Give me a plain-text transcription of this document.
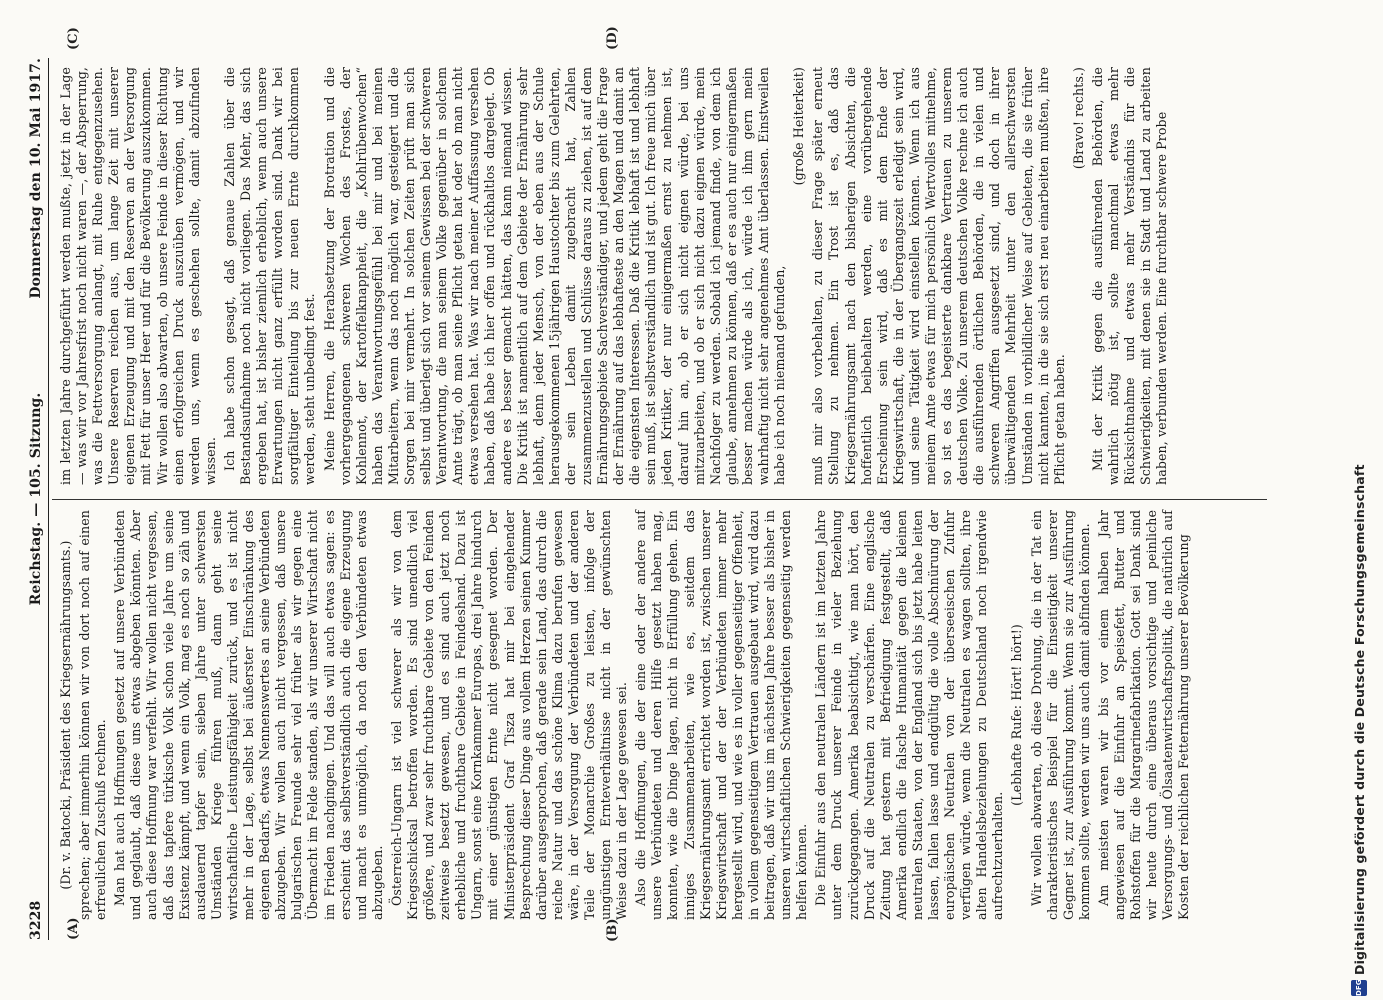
3228
Reichstag. — 105. Sitzung.
Donnerstag den 10. Mai 1917.
(A)	(B)
(C)	(D)

(Dr. v. Batocki, Präsident des Kriegsernährungsamts.) sprechen; aber immerhin können wir von dort noch auf einen erfreulichen Zuschuß rechnen. Man hat auch Hoffnungen gesetzt auf unsere Verbündeten und geglaubt, daß diese uns etwas abgeben könnten. Aber auch diese Hoffnung war verfehlt. Wir wollen nicht vergessen, daß das tapfere türkische Volk schon viele Jahre um seine Existenz kämpft, und wenn ein Volk, mag es noch so zäh und ausdauernd tapfer sein, sieben Jahre unter schwersten Umständen Kriege führen muß, dann geht seine wirtschaftliche Leistungsfähigkeit zurück, und es ist nicht mehr in der Lage, selbst bei äußerster Einschränkung des eigenen Bedarfs, etwas Nennenswertes an seine Verbündeten abzugeben. Wir wollen auch nicht vergessen, daß unsere bulgarischen Freunde sehr viel früher als wir gegen eine Übermacht im Felde standen, als wir unserer Wirtschaft nicht im Frieden nachgingen. Und das will auch etwas sagen: es erscheint das selbstverständlich auch die eigene Erzeugung und macht es unmöglich, da noch den Verbündeten etwas abzugeben. Österreich-Ungarn ist viel schwerer als wir von dem Kriegsschicksal betroffen worden. Es sind unendlich viel größere, und zwar sehr fruchtbare Gebiete von den Feinden zeitweise besetzt gewesen, und es sind auch jetzt noch erhebliche und fruchtbare Gebiete in Feindeshand. Dazu ist Ungarn, sonst eine Kornkammer Europas, drei Jahre hindurch mit einer günstigen Ernte nicht gesegnet worden. Der Ministerpräsident Graf Tisza hat mir bei eingehender Besprechung dieser Dinge aus vollem Herzen seinen Kummer darüber ausgesprochen, daß gerade sein Land, das durch die reiche Natur und das schöne Klima dazu berufen gewesen wäre, in der Versorgung der Verbündeten und der anderen Teile der Monarchie Großes zu leisten, infolge der ungünstigen Ernteverhältnisse nicht in der gewünschten Weise dazu in der Lage gewesen sei. Also die Hoffnungen, die der eine oder der andere auf unsere Verbündeten und deren Hilfe gesetzt haben mag, konnten, wie die Dinge lagen, nicht in Erfüllung gehen. Ein inniges Zusammenarbeiten, wie es, seitdem das Kriegsernährungsamt errichtet worden ist, zwischen unserer Kriegswirtschaft und der der Verbündeten immer mehr hergestellt wird, und wie es in voller gegenseitiger Offenheit, in vollem gegenseitigem Vertrauen ausgebaut wird, wird dazu beitragen, daß wir uns im nächsten Jahre besser als bisher in unseren wirtschaftlichen Schwierigkeiten gegenseitig werden helfen können. Die Einfuhr aus den neutralen Ländern ist im letzten Jahre unter dem Druck unserer Feinde in vieler Beziehung zurückgegangen. Amerika beabsichtigt, wie man hört, den Druck auf die Neutralen zu verschärfen. Eine englische Zeitung hat gestern mit Befriedigung festgestellt, daß Amerika endlich die falsche Humanität gegen die kleinen neutralen Staaten, von der England sich bis jetzt habe leiten lassen, fallen lasse und endgültig die volle Abschnürung der europäischen Neutralen von der überseeischen Zufuhr verfügen würde, wenn die Neutralen es wagen sollten, ihre alten Handelsbeziehungen zu Deutschland noch irgendwie aufrechtzuerhalten.

(Lebhafte Rufe: Hört! hört!) Wir wollen abwarten, ob diese Drohung, die in der Tat ein charakteristisches Beispiel für die Einseitigkeit unserer Gegner ist, zur Ausführung kommt. Wenn sie zur Ausführung kommen sollte, werden wir uns auch damit abfinden können. Am meisten waren wir bis vor einem halben Jahr angewiesen auf die Einfuhr an Speisefett, Butter und Rohstoffen für die Margarinefabrikation. Gott sei Dank sind wir heute durch eine überaus vorsichtige und peinliche Versorgungs- und Ölsaatenwirtschaftspolitik, die natürlich auf Kosten der reichlichen Fetternährung unserer Bevölkerung

im letzten Jahre durchgeführt werden mußte, jetzt in der Lage — was wir vor Jahresfrist noch nicht waren —, der Absperrung, was die Fettversorgung anlangt, mit Ruhe entgegenzusehen. Unsere Reserven reichen aus, um lange Zeit mit unserer eigenen Erzeugung und mit den Reserven an der Versorgung mit Fett für unser Heer und für die Bevölkerung auszukommen. Wir wollen also abwarten, ob unsere Feinde in dieser Richtung einen erfolgreichen Druck auszuüben vermögen, und wir werden uns, wenn es geschehen sollte, damit abzufinden wissen. Ich habe schon gesagt, daß genaue Zahlen über die Bestandsaufnahme noch nicht vorliegen. Das Mehr, das sich ergeben hat, ist bisher ziemlich erheblich, wenn auch unsere Erwartungen nicht ganz erfüllt worden sind. Dank wir bei sorgfältiger Einteilung bis zur neuen Ernte durchkommen werden, steht unbedingt fest. Meine Herren, die Herabsetzung der Brotration und die vorhergegangenen schweren Wochen des Frostes, der Kohlennot, der Kartoffelknappheit, die „Kohlrübenwochen“ haben das Verantwortungsgefühl bei mir und bei meinen Mitarbeitern, wenn das noch möglich war, gesteigert und die Sorgen bei mir vermehrt. In solchen Zeiten prüft man sich selbst und überlegt sich vor seinem Gewissen bei der schweren Verantwortung, die man seinem Volke gegenüber in solchem Amte trägt, ob man seine Pflicht getan hat oder ob man nicht etwas versehen hat. Was wir nach meiner Auffassung versehen haben, daß habe ich hier offen und rückhaltlos dargelegt. Ob andere es besser gemacht hätten, das kann niemand wissen. Die Kritik ist namentlich auf dem Gebiete der Ernährung sehr lebhaft, denn jeder Mensch, von der eben aus der Schule herausgekommenen 15jährigen Haustochter bis zum Gelehrten, der sein Leben damit zugebracht hat, Zahlen zusammenzustellen und Schlüsse daraus zu ziehen, ist auf dem Ernährungsgebiete Sachverständiger, und jedem geht die Frage der Ernährung auf das lebhafteste an den Magen und damit an die eigensten Interessen. Daß die Kritik lebhaft ist und lebhaft sein muß, ist selbstverständlich und ist gut. Ich freue mich über jeden Kritiker, der nur einigermaßen ernst zu nehmen ist, darauf hin an, ob er sich nicht eignen würde, bei uns mitzuarbeiten, und ob er sich nicht dazu eignen würde, mein Nachfolger zu werden. Sobald ich jemand finde, von dem ich glaube, annehmen zu können, daß er es auch nur einigermaßen besser machen würde als ich, würde ich ihm gern mein wahrhaftig nicht sehr angenehmes Amt überlassen. Einstweilen habe ich noch niemand gefunden,

(große Heiterkeit) muß mir also vorbehalten, zu dieser Frage später erneut Stellung zu nehmen. Ein Trost ist es, daß das Kriegsernährungsamt nach den bisherigen Absichten, die hoffentlich beibehalten werden, eine vorübergehende Erscheinung sein wird, daß es mit dem Ende der Kriegswirtschaft, die in der Übergangszeit erledigt sein wird, und seine Tätigkeit wird einstellen können. Wenn ich aus meinem Amte etwas für mich persönlich Wertvolles mitnehme, so ist es das begeisterte dankbare Vertrauen zu unserem deutschen Volke. Zu unserem deutschen Volke rechne ich auch die ausführenden örtlichen Behörden, die in vielen und schweren Angriffen ausgesetzt sind, und doch in ihrer überwältigenden Mehrheit unter den allerschwersten Umständen in vorbildlicher Weise auf Gebieten, die sie früher nicht kannten, in die sie sich erst neu einarbeiten mußten, ihre Pflicht getan haben.

(Bravo! rechts.) Mit der Kritik gegen die ausführenden Behörden, die wahrlich nötig ist, sollte manchmal etwas mehr Rücksichtnahme und etwas mehr Verständnis für die Schwierigkeiten, mit denen sie in Stadt und Land zu arbeiten haben, verbunden werden. Eine furchtbar schwere Probe

DFG
Digitalisierung gefördert durch die Deutsche Forschungsgemeinschaft
